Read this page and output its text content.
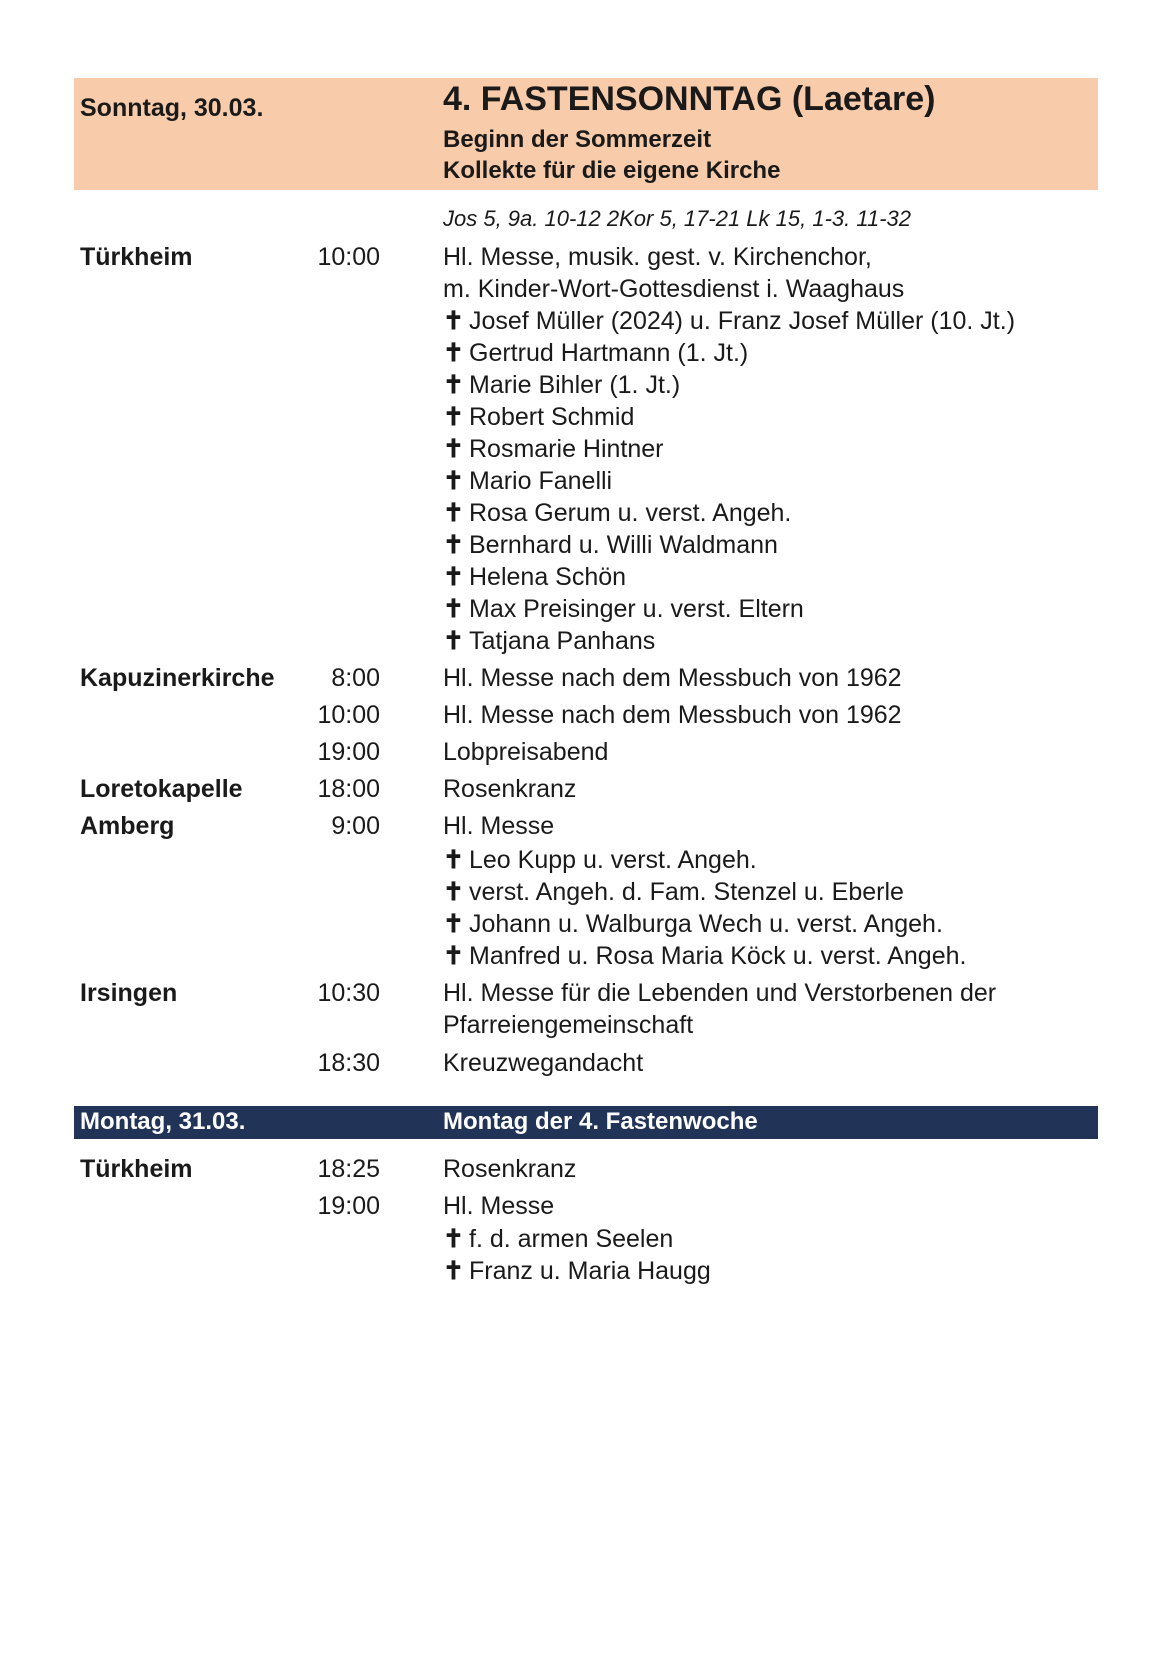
Sonntag, 30.03.	4. FASTENSONNTAG (Laetare)
Beginn der Sommerzeit
Kollekte für die eigene Kirche
Jos 5, 9a. 10-12 2Kor 5, 17-21 Lk 15, 1-3. 11-32
Türkheim	10:00	Hl. Messe, musik. gest. v. Kirchenchor,
m. Kinder-Wort-Gottesdienst i. Waaghaus
✝ Josef Müller (2024) u. Franz Josef Müller (10. Jt.)
✝ Gertrud Hartmann (1. Jt.)
✝ Marie Bihler (1. Jt.)
✝ Robert Schmid
✝ Rosmarie Hintner
✝ Mario Fanelli
✝ Rosa Gerum u. verst. Angeh.
✝ Bernhard u. Willi Waldmann
✝ Helena Schön
✝ Max Preisinger u. verst. Eltern
✝ Tatjana Panhans
Kapuzinerkirche 8:00	Hl. Messe nach dem Messbuch von 1962
10:00	Hl. Messe nach dem Messbuch von 1962
19:00	Lobpreisabend
Loretokapelle	18:00	Rosenkranz
Amberg	9:00	Hl. Messe
✝ Leo Kupp u. verst. Angeh.
✝ verst. Angeh. d. Fam. Stenzel u. Eberle
✝ Johann u. Walburga Wech u. verst. Angeh.
✝ Manfred u. Rosa Maria Köck u. verst. Angeh.
Irsingen	10:30	Hl. Messe für die Lebenden und Verstorbenen der
Pfarreiengemeinschaft
18:30	Kreuzwegandacht
Montag, 31.03.	Montag der 4. Fastenwoche
Türkheim	18:25	Rosenkranz
19:00	Hl. Messe
✝ f. d. armen Seelen
✝ Franz u. Maria Haugg
